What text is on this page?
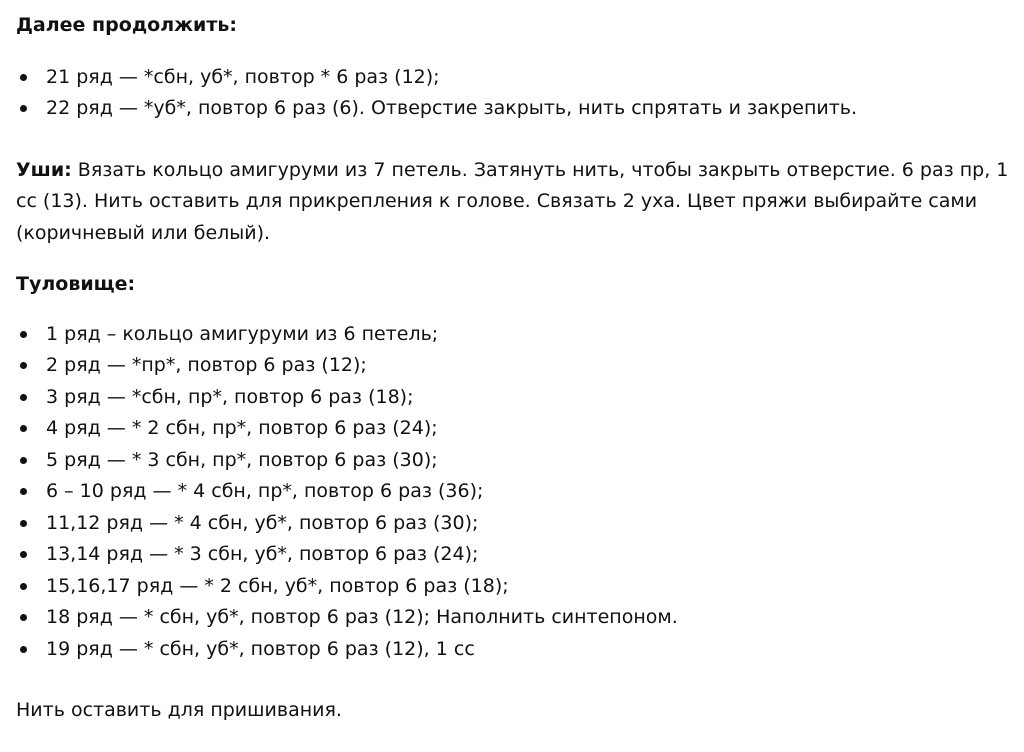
Далее продолжить:
21 ряд — *сбн, уб*, повтор * 6 раз (12);
22 ряд — *уб*, повтор 6 раз (6). Отверстие закрыть, нить спрятать и закрепить.

Уши: Вязать кольцо амигуруми из 7 петель. Затянуть нить, чтобы закрыть отверстие. 6 раз пр, 1 сс (13). Нить оставить для прикрепления к голове. Связать 2 уха. Цвет пряжи выбирайте сами (коричневый или белый).

Туловище:
1 ряд – кольцо амигуруми из 6 петель;
2 ряд — *пр*, повтор 6 раз (12);
3 ряд — *сбн, пр*, повтор 6 раз (18);
4 ряд — * 2 сбн, пр*, повтор 6 раз (24);
5 ряд — * 3 сбн, пр*, повтор 6 раз (30);
6 – 10 ряд — * 4 сбн, пр*, повтор 6 раз (36);
11,12 ряд — * 4 сбн, уб*, повтор 6 раз (30);
13,14 ряд — * 3 сбн, уб*, повтор 6 раз (24);
15,16,17 ряд — * 2 сбн, уб*, повтор 6 раз (18);
18 ряд — * сбн, уб*, повтор 6 раз (12); Наполнить синтепоном.
19 ряд — * сбн, уб*, повтор 6 раз (12), 1 сс

Нить оставить для пришивания.
